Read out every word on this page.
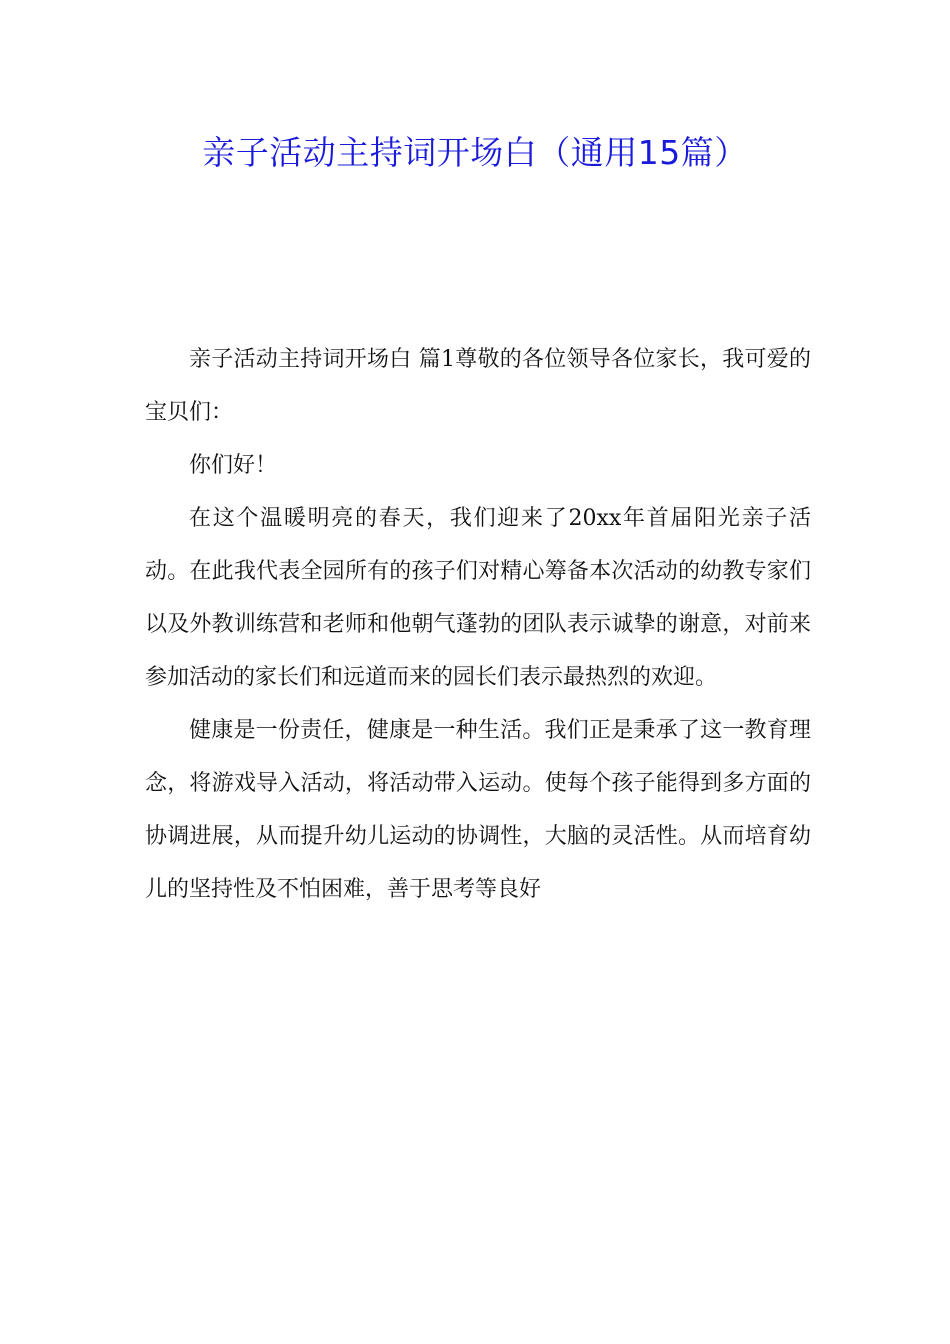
亲子活动主持词开场白（通用15篇）

亲子活动主持词开场白 篇1尊敬的各位领导各位家长，我可爱的宝贝们：

你们好！

在这个温暖明亮的春天，我们迎来了20xx年首届阳光亲子活动。在此我代表全园所有的孩子们对精心筹备本次活动的幼教专家们以及外教训练营和老师和他朝气蓬勃的团队表示诚挚的谢意，对前来参加活动的家长们和远道而来的园长们表示最热烈的欢迎。

健康是一份责任，健康是一种生活。我们正是秉承了这一教育理念，将游戏导入活动，将活动带入运动。使每个孩子能得到多方面的协调进展，从而提升幼儿运动的协调性，大脑的灵活性。从而培育幼儿的坚持性及不怕困难，善于思考等良好
